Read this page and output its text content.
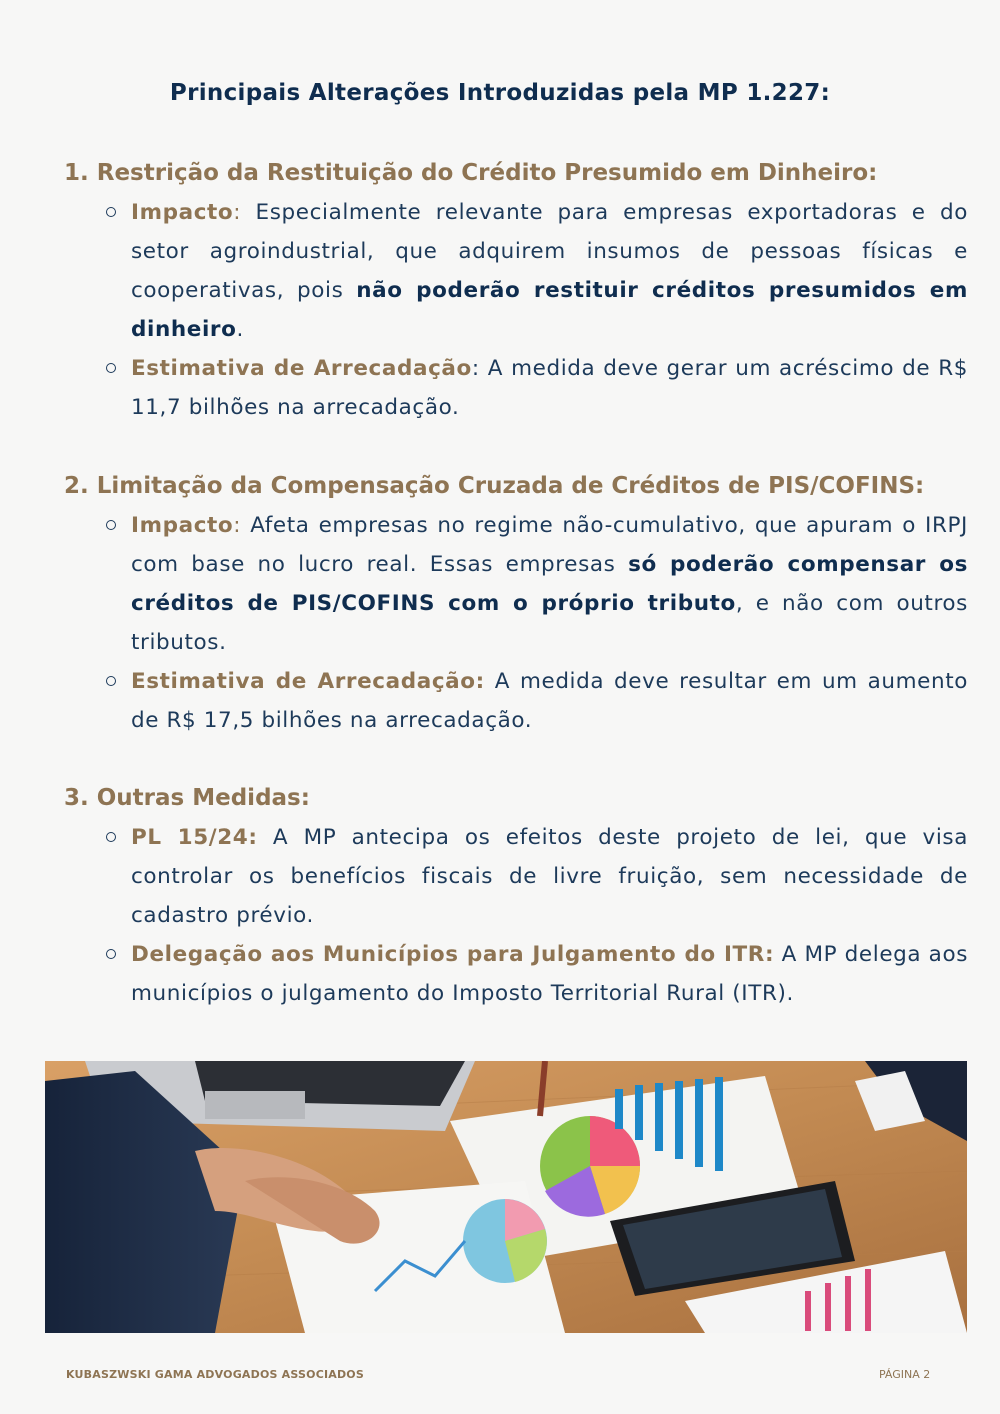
Principais Alterações Introduzidas pela MP 1.227:
1. Restrição da Restituição do Crédito Presumido em Dinheiro:
Impacto: Especialmente relevante para empresas exportadoras e do setor agroindustrial, que adquirem insumos de pessoas físicas e cooperativas, pois não poderão restituir créditos presumidos em dinheiro.
Estimativa de Arrecadação: A medida deve gerar um acréscimo de R$ 11,7 bilhões na arrecadação.
2. Limitação da Compensação Cruzada de Créditos de PIS/COFINS:
Impacto: Afeta empresas no regime não-cumulativo, que apuram o IRPJ com base no lucro real. Essas empresas só poderão compensar os créditos de PIS/COFINS com o próprio tributo, e não com outros tributos.
Estimativa de Arrecadação: A medida deve resultar em um aumento de R$ 17,5 bilhões na arrecadação.
3. Outras Medidas:
PL 15/24: A MP antecipa os efeitos deste projeto de lei, que visa controlar os benefícios fiscais de livre fruição, sem necessidade de cadastro prévio.
Delegação aos Municípios para Julgamento do ITR: A MP delega aos municípios o julgamento do Imposto Territorial Rural (ITR).
KUBASZWSKI GAMA ADVOGADOS ASSOCIADOS	PÁGINA 2
